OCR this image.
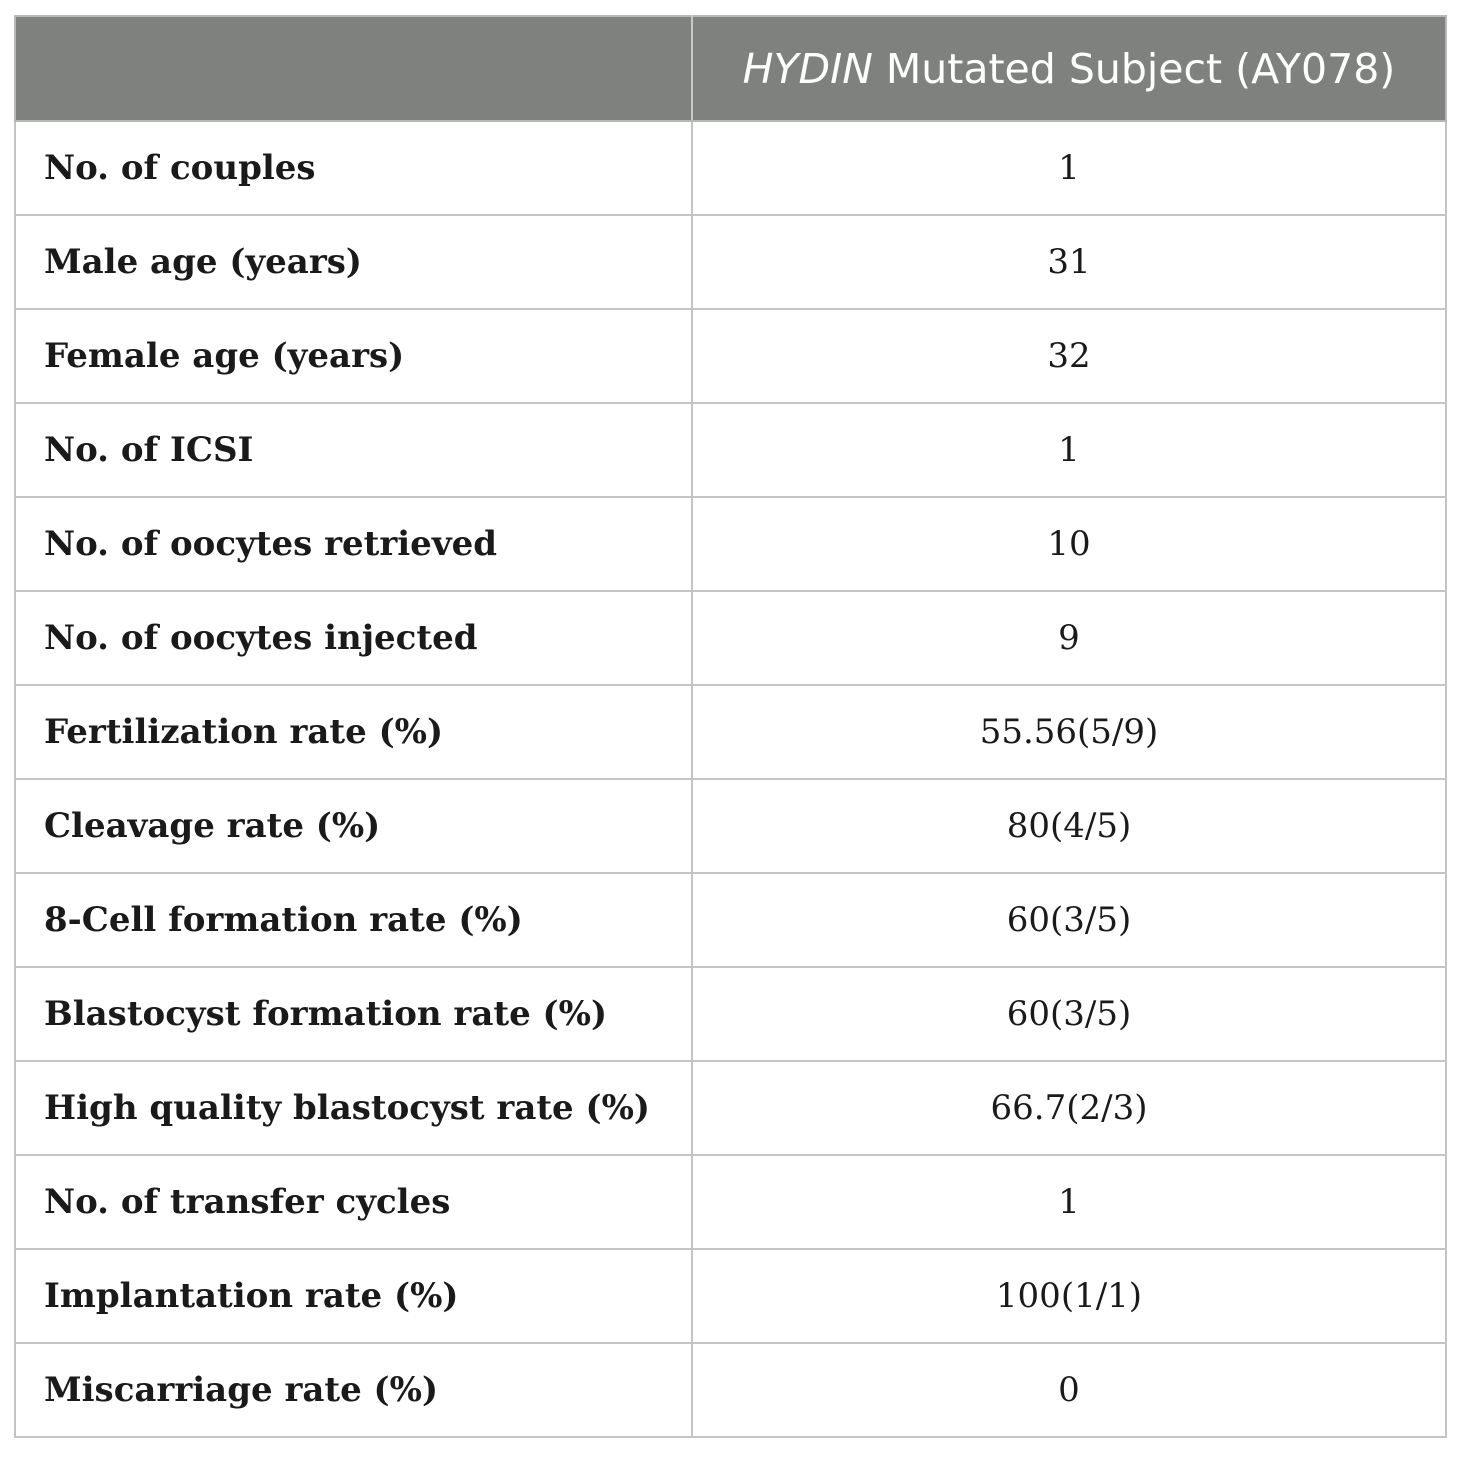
	HYDIN Mutated Subject (AY078)
No. of couples	1
Male age (years)	31
Female age (years)	32
No. of ICSI	1
No. of oocytes retrieved	10
No. of oocytes injected	9
Fertilization rate (%)	55.56(5/9)
Cleavage rate (%)	80(4/5)
8-Cell formation rate (%)	60(3/5)
Blastocyst formation rate (%)	60(3/5)
High quality blastocyst rate (%)	66.7(2/3)
No. of transfer cycles	1
Implantation rate (%)	100(1/1)
Miscarriage rate (%)	0
